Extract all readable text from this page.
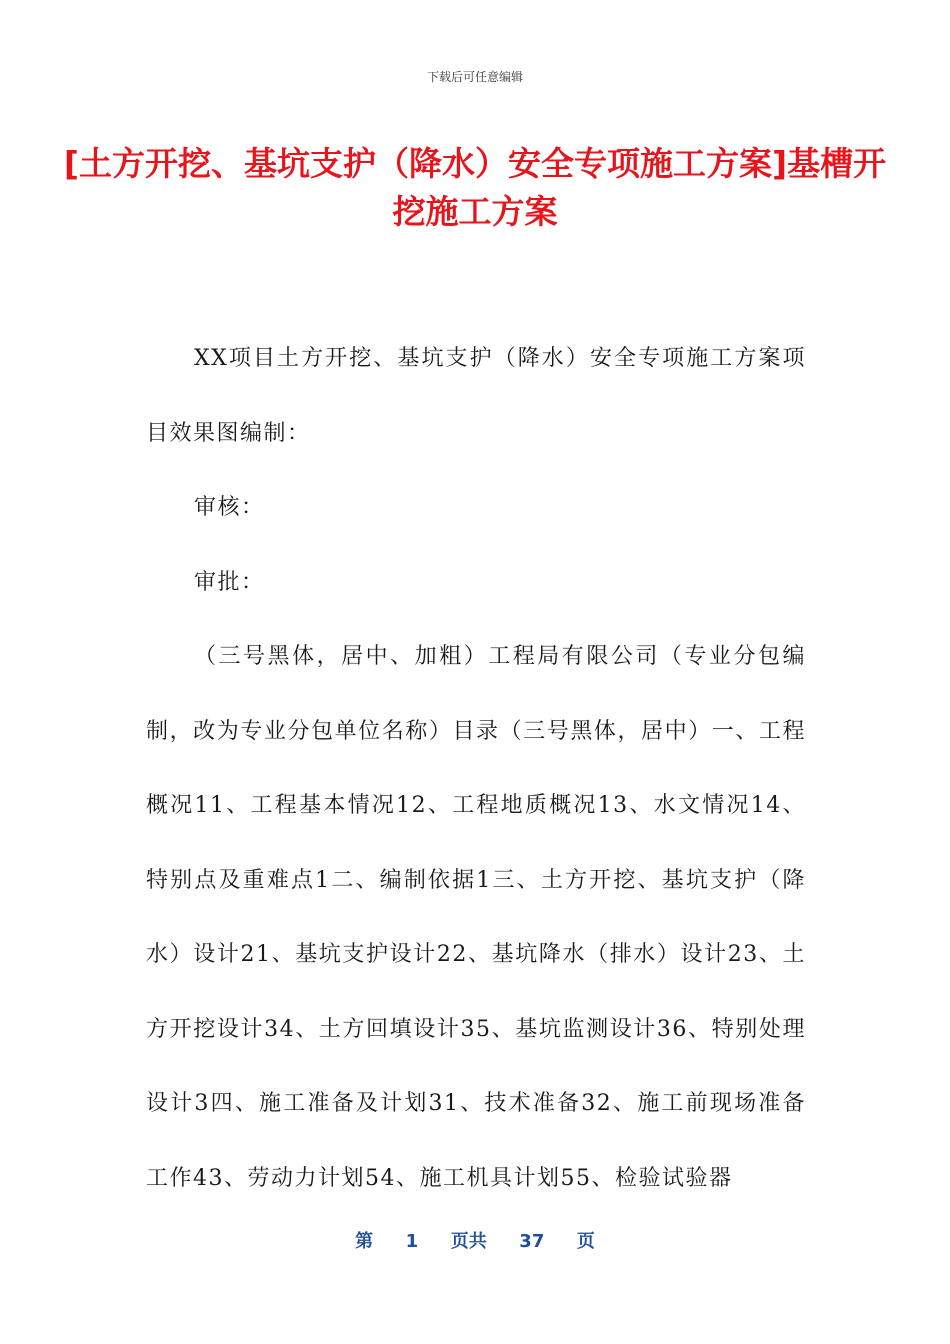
下载后可任意编辑
[土方开挖、基坑支护（降水）安全专项施工方案]基槽开挖施工方案

XX项目土方开挖、基坑支护（降水）安全专项施工方案项目效果图编制：

审核：

审批：

（三号黑体，居中、加粗）工程局有限公司（专业分包编制，改为专业分包单位名称）目录（三号黑体，居中）一、工程概况11、工程基本情况12、工程地质概况13、水文情况14、特别点及重难点1二、编制依据1三、土方开挖、基坑支护（降水）设计21、基坑支护设计22、基坑降水（排水）设计23、土方开挖设计34、土方回填设计35、基坑监测设计36、特别处理设计3四、施工准备及计划31、技术准备32、施工前现场准备工作43、劳动力计划54、施工机具计划55、检验试验器

第 1 页共 37 页
